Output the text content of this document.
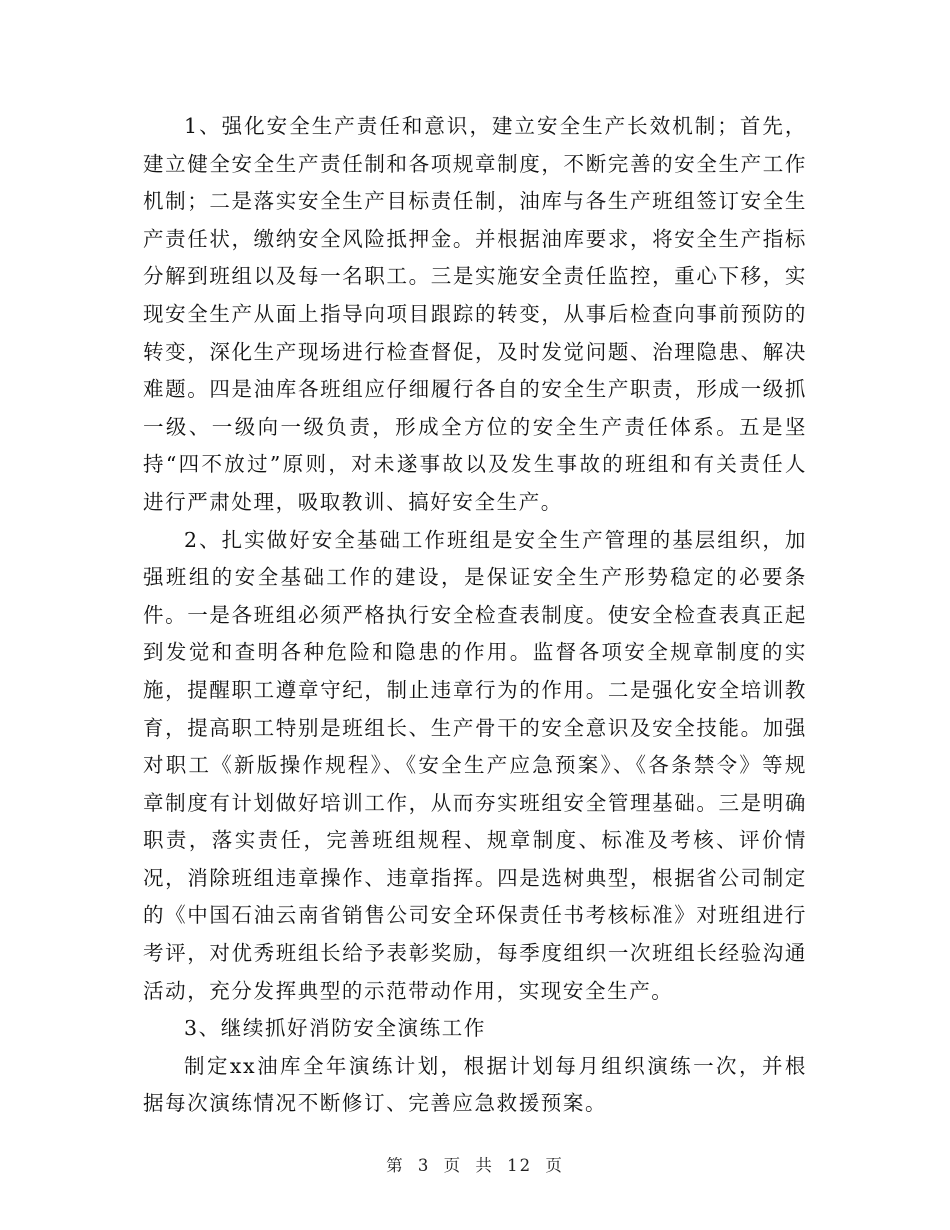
1、强化安全生产责任和意识，建立安全生产长效机制；首先，建立健全安全生产责任制和各项规章制度，不断完善的安全生产工作机制；二是落实安全生产目标责任制，油库与各生产班组签订安全生产责任状，缴纳安全风险抵押金。并根据油库要求，将安全生产指标分解到班组以及每一名职工。三是实施安全责任监控，重心下移，实现安全生产从面上指导向项目跟踪的转变，从事后检查向事前预防的转变，深化生产现场进行检查督促，及时发觉问题、治理隐患、解决难题。四是油库各班组应仔细履行各自的安全生产职责，形成一级抓一级、一级向一级负责，形成全方位的安全生产责任体系。五是坚持“四不放过”原则，对未遂事故以及发生事故的班组和有关责任人进行严肃处理，吸取教训、搞好安全生产。

2、扎实做好安全基础工作班组是安全生产管理的基层组织，加强班组的安全基础工作的建设，是保证安全生产形势稳定的必要条件。一是各班组必须严格执行安全检查表制度。使安全检查表真正起到发觉和查明各种危险和隐患的作用。监督各项安全规章制度的实施，提醒职工遵章守纪，制止违章行为的作用。二是强化安全培训教育，提高职工特别是班组长、生产骨干的安全意识及安全技能。加强对职工《新版操作规程》、《安全生产应急预案》、《各条禁令》等规章制度有计划做好培训工作，从而夯实班组安全管理基础。三是明确职责，落实责任，完善班组规程、规章制度、标准及考核、评价情况，消除班组违章操作、违章指挥。四是选树典型，根据省公司制定的《中国石油云南省销售公司安全环保责任书考核标准》对班组进行考评，对优秀班组长给予表彰奖励，每季度组织一次班组长经验沟通活动，充分发挥典型的示范带动作用，实现安全生产。

3、继续抓好消防安全演练工作

制定xx油库全年演练计划，根据计划每月组织演练一次，并根据每次演练情况不断修订、完善应急救援预案。

第 3 页 共 12 页
